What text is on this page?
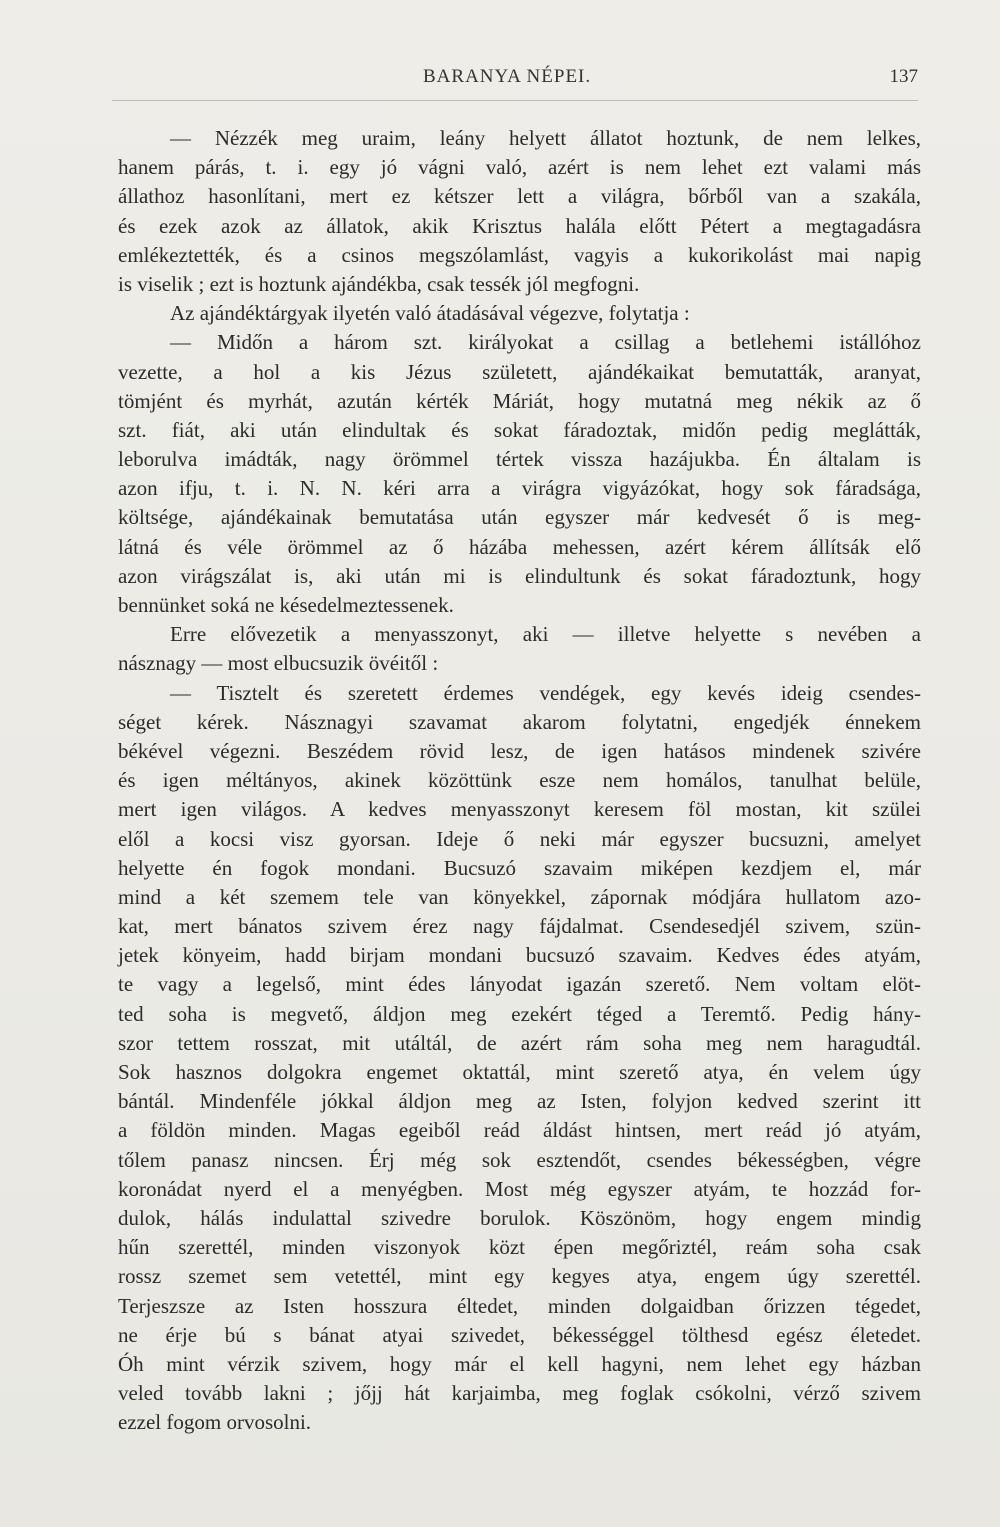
BARANYA NÉPEI.	137
— Nézzék meg uraim, leány helyett állatot hoztunk, de nem lelkes,
hanem párás, t. i. egy jó vágni való, azért is nem lehet ezt valami más
állathoz hasonlítani, mert ez kétszer lett a világra, bőrből van a szakála,
és ezek azok az állatok, akik Krisztus halála előtt Pétert a megtagadásra
emlékeztették, és a csinos megszólamlást, vagyis a kukorikolást mai napig
is viselik ; ezt is hoztunk ajándékba, csak tessék jól megfogni.
Az ajándéktárgyak ilyetén való átadásával végezve, folytatja :
— Midőn a három szt. királyokat a csillag a betlehemi istállóhoz
vezette, a hol a kis Jézus született, ajándékaikat bemutatták, aranyat,
tömjént és myrhát, azután kérték Máriát, hogy mutatná meg nékik az ő
szt. fiát, aki után elindultak és sokat fáradoztak, midőn pedig meglátták,
leborulva imádták, nagy örömmel tértek vissza hazájukba. Én általam is
azon ifju, t. i. N. N. kéri arra a virágra vigyázókat, hogy sok fáradsága,
költsége, ajándékainak bemutatása után egyszer már kedvesét ő is meg-
látná és véle örömmel az ő házába mehessen, azért kérem állítsák elő
azon virágszálat is, aki után mi is elindultunk és sokat fáradoztunk, hogy
bennünket soká ne késedelmeztessenek.
Erre elővezetik a menyasszonyt, aki — illetve helyette s nevében a
násznagy — most elbucsuzik övéitől :
— Tisztelt és szeretett érdemes vendégek, egy kevés ideig csendes-
séget kérek. Násznagyi szavamat akarom folytatni, engedjék énnekem
békével végezni. Beszédem rövid lesz, de igen hatásos mindenek szivére
és igen méltányos, akinek közöttünk esze nem homálos, tanulhat belüle,
mert igen világos. A kedves menyasszonyt keresem föl mostan, kit szülei
elől a kocsi visz gyorsan. Ideje ő neki már egyszer bucsuzni, amelyet
helyette én fogok mondani. Bucsuzó szavaim miképen kezdjem el, már
mind a két szemem tele van könyekkel, zápornak módjára hullatom azo-
kat, mert bánatos szivem érez nagy fájdalmat. Csendesedjél szivem, szün-
jetek könyeim, hadd birjam mondani bucsuzó szavaim. Kedves édes atyám,
te vagy a legelső, mint édes lányodat igazán szerető. Nem voltam elöt-
ted soha is megvető, áldjon meg ezekért téged a Teremtő. Pedig hány-
szor tettem rosszat, mit utáltál, de azért rám soha meg nem haragudtál.
Sok hasznos dolgokra engemet oktattál, mint szerető atya, én velem úgy
bántál. Mindenféle jókkal áldjon meg az Isten, folyjon kedved szerint itt
a földön minden. Magas egeiből reád áldást hintsen, mert reád jó atyám,
tőlem panasz nincsen. Érj még sok esztendőt, csendes békességben, végre
koronádat nyerd el a menyégben. Most még egyszer atyám, te hozzád for-
dulok, hálás indulattal szivedre borulok. Köszönöm, hogy engem mindig
hűn szerettél, minden viszonyok közt épen megőriztél, reám soha csak
rossz szemet sem vetettél, mint egy kegyes atya, engem úgy szerettél.
Terjeszsze az Isten hosszura éltedet, minden dolgaidban őrizzen tégedet,
ne érje bú s bánat atyai szivedet, békességgel tölthesd egész életedet.
Óh mint vérzik szivem, hogy már el kell hagyni, nem lehet egy házban
veled tovább lakni ; jőjj hát karjaimba, meg foglak csókolni, vérző szivem
ezzel fogom orvosolni.
